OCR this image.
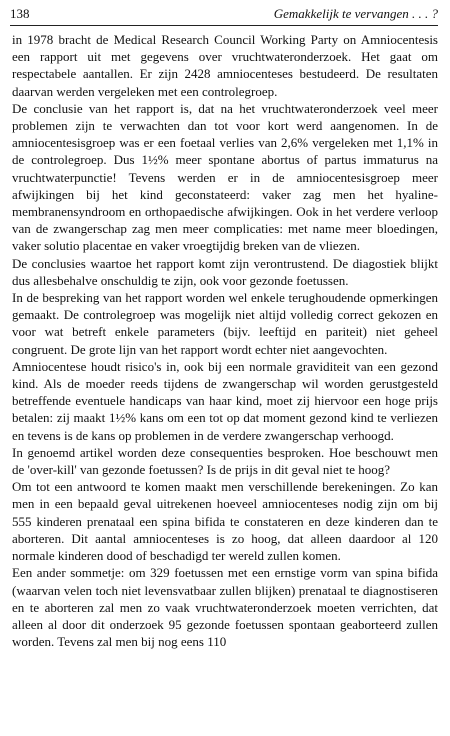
138	Gemakkelijk te vervangen . . . ?

in 1978 bracht de Medical Research Council Working Party on Amniocentesis een rapport uit met gegevens over vruchtwateronderzoek. Het gaat om respectabele aantallen. Er zijn 2428 amniocenteses bestudeerd. De resultaten daarvan werden vergeleken met een controlegroep.

De conclusie van het rapport is, dat na het vruchtwateronderzoek veel meer problemen zijn te verwachten dan tot voor kort werd aangenomen. In de amniocentesisgroep was er een foetaal verlies van 2,6% vergeleken met 1,1% in de controlegroep. Dus 1½% meer spontane abortus of partus immaturus na vruchtwaterpunctie! Tevens werden er in de amniocentesisgroep meer afwijkingen bij het kind geconstateerd: vaker zag men het hyaline-membranensyndroom en orthopaedische afwijkingen. Ook in het verdere verloop van de zwangerschap zag men meer complicaties: met name meer bloedingen, vaker solutio placentae en vaker vroegtijdig breken van de vliezen.

De conclusies waartoe het rapport komt zijn verontrustend. De diagostiek blijkt dus allesbehalve onschuldig te zijn, ook voor gezonde foetussen.

In de bespreking van het rapport worden wel enkele terughoudende opmerkingen gemaakt. De controlegroep was mogelijk niet altijd volledig correct gekozen en voor wat betreft enkele parameters (bijv. leeftijd en pariteit) niet geheel congruent. De grote lijn van het rapport wordt echter niet aangevochten.

Amniocentese houdt risico's in, ook bij een normale graviditeit van een gezond kind. Als de moeder reeds tijdens de zwangerschap wil worden gerustgesteld betreffende eventuele handicaps van haar kind, moet zij hiervoor een hoge prijs betalen: zij maakt 1½% kans om een tot op dat moment gezond kind te verliezen en tevens is de kans op problemen in de verdere zwangerschap verhoogd.

In genoemd artikel worden deze consequenties besproken. Hoe beschouwt men de 'over-kill' van gezonde foetussen? Is de prijs in dit geval niet te hoog?

Om tot een antwoord te komen maakt men verschillende berekeningen. Zo kan men in een bepaald geval uitrekenen hoeveel amniocenteses nodig zijn om bij 555 kinderen prenataal een spina bifida te constateren en deze kinderen dan te aborteren. Dit aantal amniocenteses is zo hoog, dat alleen daardoor al 120 normale kinderen dood of beschadigd ter wereld zullen komen.

Een ander sommetje: om 329 foetussen met een ernstige vorm van spina bifida (waarvan velen toch niet levensvatbaar zullen blijken) prenataal te diagnostiseren en te aborteren zal men zo vaak vruchtwateronderzoek moeten verrichten, dat alleen al door dit onderzoek 95 gezonde foetussen spontaan geaborteerd zullen worden. Tevens zal men bij nog eens 110
